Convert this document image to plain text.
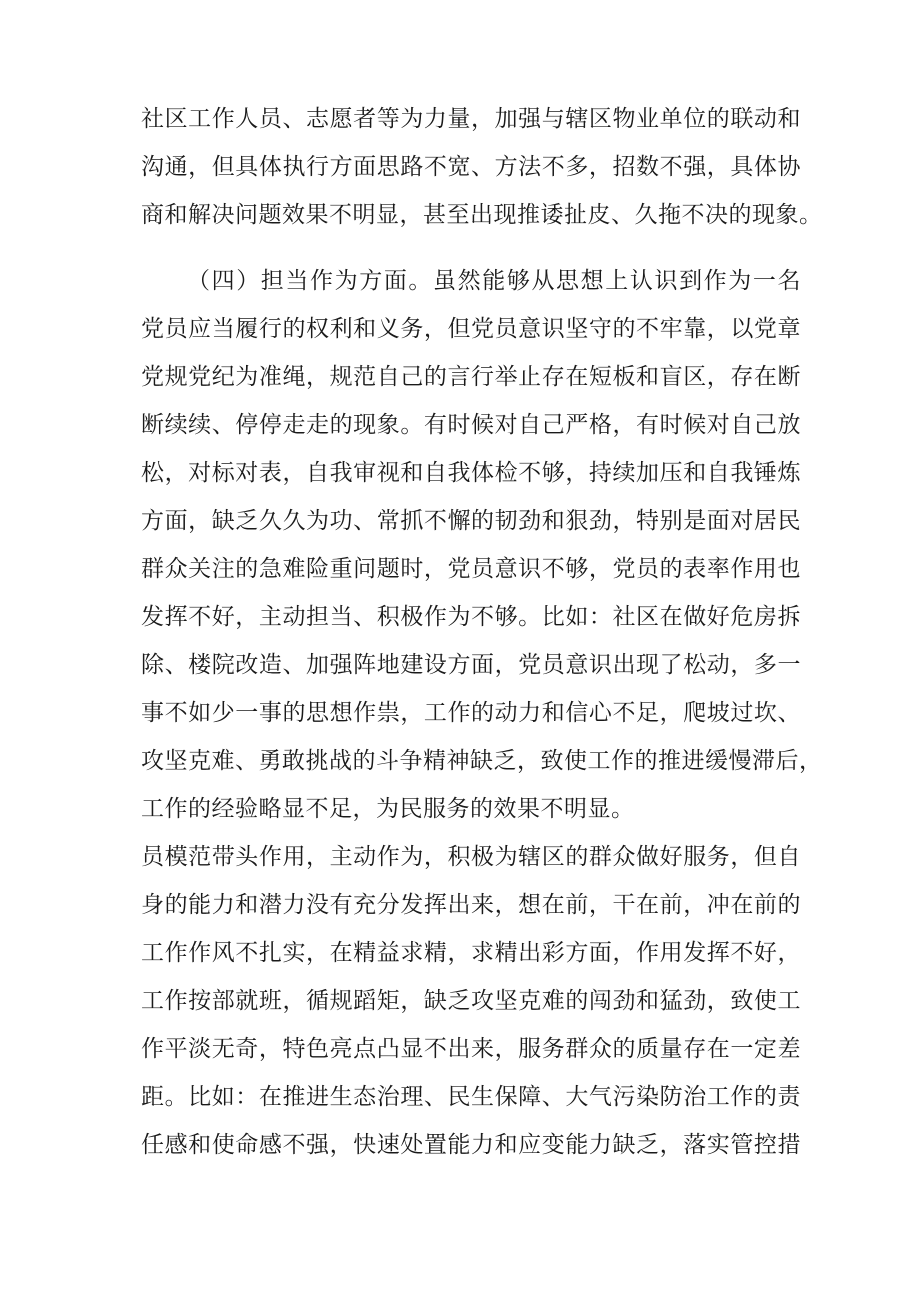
社区工作人员、志愿者等为力量，加强与辖区物业单位的联动和
沟通，但具体执行方面思路不宽、方法不多，招数不强，具体协
商和解决问题效果不明显，甚至出现推诿扯皮、久拖不决的现象。
（四）担当作为方面。虽然能够从思想上认识到作为一名
党员应当履行的权利和义务，但党员意识坚守的不牢靠，以党章
党规党纪为准绳，规范自己的言行举止存在短板和盲区，存在断
断续续、停停走走的现象。有时候对自己严格，有时候对自己放
松，对标对表，自我审视和自我体检不够，持续加压和自我锤炼
方面，缺乏久久为功、常抓不懈的韧劲和狠劲，特别是面对居民
群众关注的急难险重问题时，党员意识不够，党员的表率作用也
发挥不好，主动担当、积极作为不够。比如：社区在做好危房拆
除、楼院改造、加强阵地建设方面，党员意识出现了松动，多一
事不如少一事的思想作祟，工作的动力和信心不足，爬坡过坎、
攻坚克难、勇敢挑战的斗争精神缺乏，致使工作的推进缓慢滞后，
工作的经验略显不足，为民服务的效果不明显。
员模范带头作用，主动作为，积极为辖区的群众做好服务，但自
身的能力和潜力没有充分发挥出来，想在前，干在前，冲在前的
工作作风不扎实，在精益求精，求精出彩方面，作用发挥不好，
工作按部就班，循规蹈矩，缺乏攻坚克难的闯劲和猛劲，致使工
作平淡无奇，特色亮点凸显不出来，服务群众的质量存在一定差
距。比如：在推进生态治理、民生保障、大气污染防治工作的责
任感和使命感不强，快速处置能力和应变能力缺乏，落实管控措
